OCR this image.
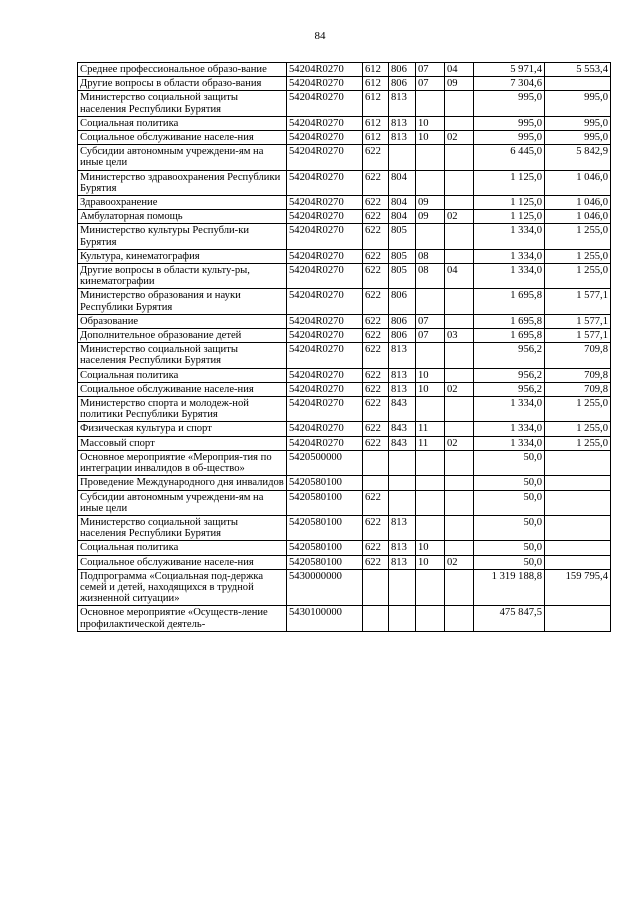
84
Среднее профессиональное образо-вание	54204R0270	612	806	07	04	5 971,4	5 553,4
Другие вопросы в области образо-вания	54204R0270	612	806	07	09	7 304,6	
Министерство социальной защиты населения Республики Бурятия	54204R0270	612	813			995,0	995,0
Социальная политика	54204R0270	612	813	10		995,0	995,0
Социальное обслуживание населе-ния	54204R0270	612	813	10	02	995,0	995,0
Субсидии автономным учреждени-ям на иные цели	54204R0270	622				6 445,0	5 842,9
Министерство здравоохранения Республики Бурятия	54204R0270	622	804			1 125,0	1 046,0
Здравоохранение	54204R0270	622	804	09		1 125,0	1 046,0
Амбулаторная помощь	54204R0270	622	804	09	02	1 125,0	1 046,0
Министерство культуры Республи-ки Бурятия	54204R0270	622	805			1 334,0	1 255,0
Культура, кинематография	54204R0270	622	805	08		1 334,0	1 255,0
Другие вопросы в области культу-ры, кинематографии	54204R0270	622	805	08	04	1 334,0	1 255,0
Министерство образования и науки Республики Бурятия	54204R0270	622	806			1 695,8	1 577,1
Образование	54204R0270	622	806	07		1 695,8	1 577,1
Дополнительное образование детей	54204R0270	622	806	07	03	1 695,8	1 577,1
Министерство социальной защиты населения Республики Бурятия	54204R0270	622	813			956,2	709,8
Социальная политика	54204R0270	622	813	10		956,2	709,8
Социальное обслуживание населе-ния	54204R0270	622	813	10	02	956,2	709,8
Министерство спорта и молодеж-ной политики Республики Бурятия	54204R0270	622	843			1 334,0	1 255,0
Физическая культура и спорт	54204R0270	622	843	11		1 334,0	1 255,0
Массовый спорт	54204R0270	622	843	11	02	1 334,0	1 255,0
Основное мероприятие «Мероприя-тия по интеграции инвалидов в об-щество»	5420500000					50,0	
Проведение Международного дня инвалидов	5420580100					50,0	
Субсидии автономным учреждени-ям на иные цели	5420580100	622				50,0	
Министерство социальной защиты населения Республики Бурятия	5420580100	622	813			50,0	
Социальная политика	5420580100	622	813	10		50,0	
Социальное обслуживание населе-ния	5420580100	622	813	10	02	50,0	
Подпрограмма «Социальная под-держка семей и детей, находящихся в трудной жизненной ситуации»	5430000000					1 319 188,8	159 795,4
Основное мероприятие «Осуществ-ление профилактической деятель-	5430100000					475 847,5	
